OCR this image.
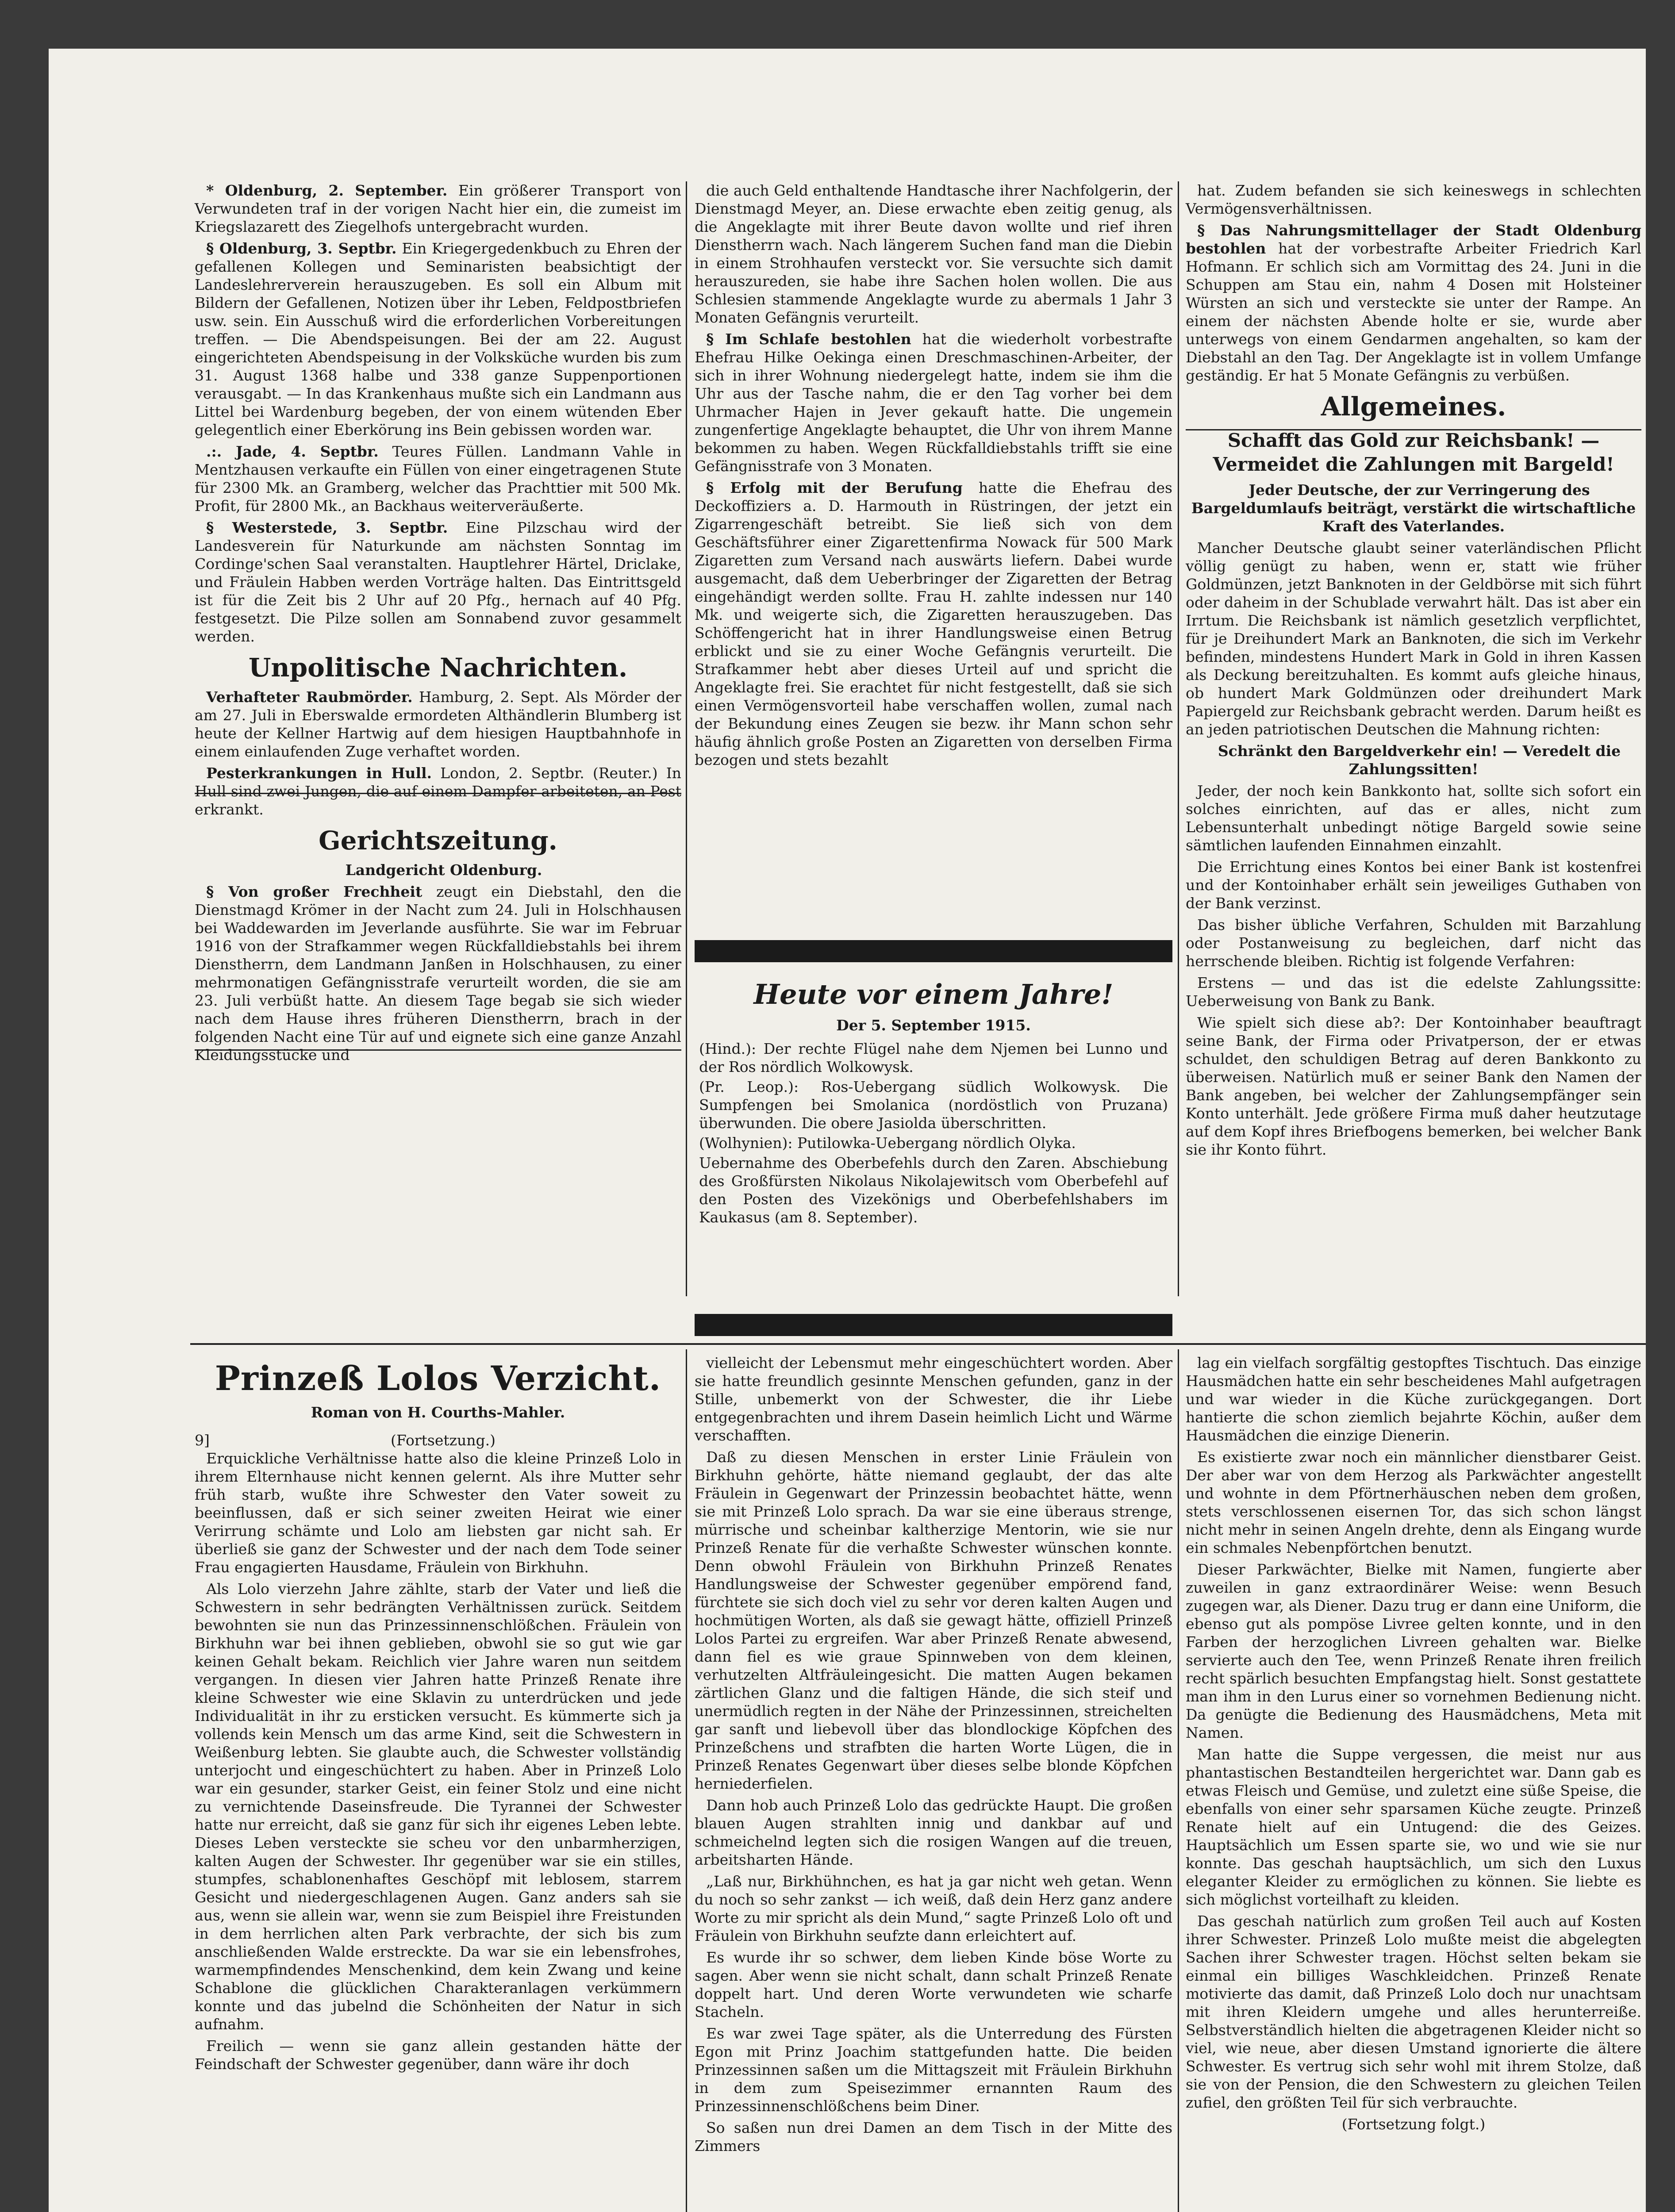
* Oldenburg, 2. September. Ein größerer Transport von Verwundeten traf in der vorigen Nacht hier ein, die zumeist im Kriegslazarett des Ziegelhofs untergebracht wurden.

§ Oldenburg, 3. Septbr. Ein Kriegergedenkbuch zu Ehren der gefallenen Kollegen und Seminaristen beabsichtigt der Landeslehrerverein herauszugeben. Es soll ein Album mit Bildern der Gefallenen, Notizen über ihr Leben, Feldpostbriefen usw. sein. Ein Ausschuß wird die erforderlichen Vorbereitungen treffen. — Die Abendspeisungen. Bei der am 22. August eingerichteten Abendspeisung in der Volksküche wurden bis zum 31. August 1368 halbe und 338 ganze Suppenportionen verausgabt. — In das Krankenhaus mußte sich ein Landmann aus Littel bei Wardenburg begeben, der von einem wütenden Eber gelegentlich einer Eberkörung ins Bein gebissen worden war.

.:. Jade, 4. Septbr. Teures Füllen. Landmann Vahle in Mentzhausen verkaufte ein Füllen von einer eingetragenen Stute für 2300 Mk. an Gramberg, welcher das Prachttier mit 500 Mk. Profit, für 2800 Mk., an Backhaus weiterveräußerte.

§ Westerstede, 3. Septbr. Eine Pilzschau wird der Landesverein für Naturkunde am nächsten Sonntag im Cordinge'schen Saal veranstalten. Hauptlehrer Härtel, Driclake, und Fräulein Habben werden Vorträge halten. Das Eintrittsgeld ist für die Zeit bis 2 Uhr auf 20 Pfg., hernach auf 40 Pfg. festgesetzt. Die Pilze sollen am Sonnabend zuvor gesammelt werden.

Unpolitische Nachrichten.

Verhafteter Raubmörder. Hamburg, 2. Sept. Als Mörder der am 27. Juli in Eberswalde ermordeten Althändlerin Blumberg ist heute der Kellner Hartwig auf dem hiesigen Hauptbahnhofe in einem einlaufenden Zuge verhaftet worden.

Pesterkrankungen in Hull. London, 2. Septbr. (Reuter.) In Hull sind zwei Jungen, die auf einem Dampfer arbeiteten, an Pest erkrankt.

Gerichtszeitung.

Landgericht Oldenburg.

§ Von großer Frechheit zeugt ein Diebstahl, den die Dienstmagd Krömer in der Nacht zum 24. Juli in Holschhausen bei Waddewarden im Jeverlande ausführte. Sie war im Februar 1916 von der Strafkammer wegen Rückfalldiebstahls bei ihrem Dienstherrn, dem Landmann Janßen in Holschhausen, zu einer mehrmonatigen Gefängnisstrafe verurteilt worden, die sie am 23. Juli verbüßt hatte. An diesem Tage begab sie sich wieder nach dem Hause ihres früheren Dienstherrn, brach in der folgenden Nacht eine Tür auf und eignete sich eine ganze Anzahl Kleidungsstücke und

die auch Geld enthaltende Handtasche ihrer Nachfolgerin, der Dienstmagd Meyer, an. Diese erwachte eben zeitig genug, als die Angeklagte mit ihrer Beute davon wollte und rief ihren Dienstherrn wach. Nach längerem Suchen fand man die Diebin in einem Strohhaufen versteckt vor. Sie versuchte sich damit herauszureden, sie habe ihre Sachen holen wollen. Die aus Schlesien stammende Angeklagte wurde zu abermals 1 Jahr 3 Monaten Gefängnis verurteilt.

§ Im Schlafe bestohlen hat die wiederholt vorbestrafte Ehefrau Hilke Oekinga einen Dreschmaschinen-Arbeiter, der sich in ihrer Wohnung niedergelegt hatte, indem sie ihm die Uhr aus der Tasche nahm, die er den Tag vorher bei dem Uhrmacher Hajen in Jever gekauft hatte. Die ungemein zungenfertige Angeklagte behauptet, die Uhr von ihrem Manne bekommen zu haben. Wegen Rückfalldiebstahls trifft sie eine Gefängnisstrafe von 3 Monaten.

§ Erfolg mit der Berufung hatte die Ehefrau des Deckoffiziers a. D. Harmouth in Rüstringen, der jetzt ein Zigarrengeschäft betreibt. Sie ließ sich von dem Geschäftsführer einer Zigarettenfirma Nowack für 500 Mark Zigaretten zum Versand nach auswärts liefern. Dabei wurde ausgemacht, daß dem Ueberbringer der Zigaretten der Betrag eingehändigt werden sollte. Frau H. zahlte indessen nur 140 Mk. und weigerte sich, die Zigaretten herauszugeben. Das Schöffengericht hat in ihrer Handlungsweise einen Betrug erblickt und sie zu einer Woche Gefängnis verurteilt. Die Strafkammer hebt aber dieses Urteil auf und spricht die Angeklagte frei. Sie erachtet für nicht festgestellt, daß sie sich einen Vermögensvorteil habe verschaffen wollen, zumal nach der Bekundung eines Zeugen sie bezw. ihr Mann schon sehr häufig ähnlich große Posten an Zigaretten von derselben Firma bezogen und stets bezahlt

Heute vor einem Jahre!
Der 5. September 1915.

(Hind.): Der rechte Flügel nahe dem Njemen bei Lunno und der Ros nördlich Wolkowysk.

(Pr. Leop.): Ros-Uebergang südlich Wolkowysk. Die Sumpfengen bei Smolanica (nordöstlich von Pruzana) überwunden. Die obere Jasiolda überschritten.

(Wolhynien): Putilowka-Uebergang nördlich Olyka.

Uebernahme des Oberbefehls durch den Zaren. Abschiebung des Großfürsten Nikolaus Nikolajewitsch vom Oberbefehl auf den Posten des Vizekönigs und Oberbefehlshabers im Kaukasus (am 8. September).

hat. Zudem befanden sie sich keineswegs in schlechten Vermögensverhältnissen.

§ Das Nahrungsmittellager der Stadt Oldenburg bestohlen hat der vorbestrafte Arbeiter Friedrich Karl Hofmann. Er schlich sich am Vormittag des 24. Juni in die Schuppen am Stau ein, nahm 4 Dosen mit Holsteiner Würsten an sich und versteckte sie unter der Rampe. An einem der nächsten Abende holte er sie, wurde aber unterwegs von einem Gendarmen angehalten, so kam der Diebstahl an den Tag. Der Angeklagte ist in vollem Umfange geständig. Er hat 5 Monate Gefängnis zu verbüßen.

Allgemeines.
Schafft das Gold zur Reichsbank! — Vermeidet die Zahlungen mit Bargeld!

Jeder Deutsche, der zur Verringerung des Bargeldumlaufs beiträgt, verstärkt die wirtschaftliche Kraft des Vaterlandes.

Mancher Deutsche glaubt seiner vaterländischen Pflicht völlig genügt zu haben, wenn er, statt wie früher Goldmünzen, jetzt Banknoten in der Geldbörse mit sich führt oder daheim in der Schublade verwahrt hält. Das ist aber ein Irrtum. Die Reichsbank ist nämlich gesetzlich verpflichtet, für je Dreihundert Mark an Banknoten, die sich im Verkehr befinden, mindestens Hundert Mark in Gold in ihren Kassen als Deckung bereitzuhalten. Es kommt aufs gleiche hinaus, ob hundert Mark Goldmünzen oder dreihundert Mark Papiergeld zur Reichsbank gebracht werden. Darum heißt es an jeden patriotischen Deutschen die Mahnung richten:

Schränkt den Bargeldverkehr ein! — Veredelt die Zahlungssitten!

Jeder, der noch kein Bankkonto hat, sollte sich sofort ein solches einrichten, auf das er alles, nicht zum Lebensunterhalt unbedingt nötige Bargeld sowie seine sämtlichen laufenden Einnahmen einzahlt.

Die Errichtung eines Kontos bei einer Bank ist kostenfrei und der Kontoinhaber erhält sein jeweiliges Guthaben von der Bank verzinst.

Das bisher übliche Verfahren, Schulden mit Barzahlung oder Postanweisung zu begleichen, darf nicht das herrschende bleiben. Richtig ist folgende Verfahren:

Erstens — und das ist die edelste Zahlungssitte: Ueberweisung von Bank zu Bank.

Wie spielt sich diese ab?: Der Kontoinhaber beauftragt seine Bank, der Firma oder Privatperson, der er etwas schuldet, den schuldigen Betrag auf deren Bankkonto zu überweisen. Natürlich muß er seiner Bank den Namen der Bank angeben, bei welcher der Zahlungsempfänger sein Konto unterhält. Jede größere Firma muß daher heutzutage auf dem Kopf ihres Briefbogens bemerken, bei welcher Bank sie ihr Konto führt.

Prinzeß Lolos Verzicht.
Roman von H. Courths-Mahler.
9]	(Fortsetzung.)

Erquickliche Verhältnisse hatte also die kleine Prinzeß Lolo in ihrem Elternhause nicht kennen gelernt. Als ihre Mutter sehr früh starb, wußte ihre Schwester den Vater soweit zu beeinflussen, daß er sich seiner zweiten Heirat wie einer Verirrung schämte und Lolo am liebsten gar nicht sah. Er überließ sie ganz der Schwester und der nach dem Tode seiner Frau engagierten Hausdame, Fräulein von Birkhuhn.

Als Lolo vierzehn Jahre zählte, starb der Vater und ließ die Schwestern in sehr bedrängten Verhältnissen zurück. Seitdem bewohnten sie nun das Prinzessinnenschlößchen. Fräulein von Birkhuhn war bei ihnen geblieben, obwohl sie so gut wie gar keinen Gehalt bekam. Reichlich vier Jahre waren nun seitdem vergangen. In diesen vier Jahren hatte Prinzeß Renate ihre kleine Schwester wie eine Sklavin zu unterdrücken und jede Individualität in ihr zu ersticken versucht. Es kümmerte sich ja vollends kein Mensch um das arme Kind, seit die Schwestern in Weißenburg lebten. Sie glaubte auch, die Schwester vollständig unterjocht und eingeschüchtert zu haben. Aber in Prinzeß Lolo war ein gesunder, starker Geist, ein feiner Stolz und eine nicht zu vernichtende Daseinsfreude. Die Tyrannei der Schwester hatte nur erreicht, daß sie ganz für sich ihr eigenes Leben lebte. Dieses Leben versteckte sie scheu vor den unbarmherzigen, kalten Augen der Schwester. Ihr gegenüber war sie ein stilles, stumpfes, schablonenhaftes Geschöpf mit leblosem, starrem Gesicht und niedergeschlagenen Augen. Ganz anders sah sie aus, wenn sie allein war, wenn sie zum Beispiel ihre Freistunden in dem herrlichen alten Park verbrachte, der sich bis zum anschließenden Walde erstreckte. Da war sie ein lebensfrohes, warmempfindendes Menschenkind, dem kein Zwang und keine Schablone die glücklichen Charakteranlagen verkümmern konnte und das jubelnd die Schönheiten der Natur in sich aufnahm.

Freilich — wenn sie ganz allein gestanden hätte der Feindschaft der Schwester gegenüber, dann wäre ihr doch

vielleicht der Lebensmut mehr eingeschüchtert worden. Aber sie hatte freundlich gesinnte Menschen gefunden, ganz in der Stille, unbemerkt von der Schwester, die ihr Liebe entgegenbrachten und ihrem Dasein heimlich Licht und Wärme verschafften.

Daß zu diesen Menschen in erster Linie Fräulein von Birkhuhn gehörte, hätte niemand geglaubt, der das alte Fräulein in Gegenwart der Prinzessin beobachtet hätte, wenn sie mit Prinzeß Lolo sprach. Da war sie eine überaus strenge, mürrische und scheinbar kaltherzige Mentorin, wie sie nur Prinzeß Renate für die verhaßte Schwester wünschen konnte. Denn obwohl Fräulein von Birkhuhn Prinzeß Renates Handlungsweise der Schwester gegenüber empörend fand, fürchtete sie sich doch viel zu sehr vor deren kalten Augen und hochmütigen Worten, als daß sie gewagt hätte, offiziell Prinzeß Lolos Partei zu ergreifen. War aber Prinzeß Renate abwesend, dann fiel es wie graue Spinnweben von dem kleinen, verhutzelten Altfräuleingesicht. Die matten Augen bekamen zärtlichen Glanz und die faltigen Hände, die sich steif und unermüdlich regten in der Nähe der Prinzessinnen, streichelten gar sanft und liebevoll über das blondlockige Köpfchen des Prinzeßchens und strafbten die harten Worte Lügen, die in Prinzeß Renates Gegenwart über dieses selbe blonde Köpfchen herniederfielen.

Dann hob auch Prinzeß Lolo das gedrückte Haupt. Die großen blauen Augen strahlten innig und dankbar auf und schmeichelnd legten sich die rosigen Wangen auf die treuen, arbeitsharten Hände.

„Laß nur, Birkhühnchen, es hat ja gar nicht weh getan. Wenn du noch so sehr zankst — ich weiß, daß dein Herz ganz andere Worte zu mir spricht als dein Mund,“ sagte Prinzeß Lolo oft und Fräulein von Birkhuhn seufzte dann erleichtert auf.

Es wurde ihr so schwer, dem lieben Kinde böse Worte zu sagen. Aber wenn sie nicht schalt, dann schalt Prinzeß Renate doppelt hart. Und deren Worte verwundeten wie scharfe Stacheln.

Es war zwei Tage später, als die Unterredung des Fürsten Egon mit Prinz Joachim stattgefunden hatte. Die beiden Prinzessinnen saßen um die Mittagszeit mit Fräulein Birkhuhn in dem zum Speisezimmer ernannten Raum des Prinzessinnenschlößchens beim Diner.

So saßen nun drei Damen an dem Tisch in der Mitte des Zimmers

lag ein vielfach sorgfältig gestopftes Tischtuch. Das einzige Hausmädchen hatte ein sehr bescheidenes Mahl aufgetragen und war wieder in die Küche zurückgegangen. Dort hantierte die schon ziemlich bejahrte Köchin, außer dem Hausmädchen die einzige Dienerin.

Es existierte zwar noch ein männlicher dienstbarer Geist. Der aber war von dem Herzog als Parkwächter angestellt und wohnte in dem Pförtnerhäuschen neben dem großen, stets verschlossenen eisernen Tor, das sich schon längst nicht mehr in seinen Angeln drehte, denn als Eingang wurde ein schmales Nebenpförtchen benutzt.

Dieser Parkwächter, Bielke mit Namen, fungierte aber zuweilen in ganz extraordinärer Weise: wenn Besuch zugegen war, als Diener. Dazu trug er dann eine Uniform, die ebenso gut als pompöse Livree gelten konnte, und in den Farben der herzoglichen Livreen gehalten war. Bielke servierte auch den Tee, wenn Prinzeß Renate ihren freilich recht spärlich besuchten Empfangstag hielt. Sonst gestattete man ihm in den Lurus einer so vornehmen Bedienung nicht. Da genügte die Bedienung des Hausmädchens, Meta mit Namen.

Man hatte die Suppe vergessen, die meist nur aus phantastischen Bestandteilen hergerichtet war. Dann gab es etwas Fleisch und Gemüse, und zuletzt eine süße Speise, die ebenfalls von einer sehr sparsamen Küche zeugte. Prinzeß Renate hielt auf ein Untugend: die des Geizes. Hauptsächlich um Essen sparte sie, wo und wie sie nur konnte. Das geschah hauptsächlich, um sich den Luxus eleganter Kleider zu ermöglichen zu können. Sie liebte es sich möglichst vorteilhaft zu kleiden.

Das geschah natürlich zum großen Teil auch auf Kosten ihrer Schwester. Prinzeß Lolo mußte meist die abgelegten Sachen ihrer Schwester tragen. Höchst selten bekam sie einmal ein billiges Waschkleidchen. Prinzeß Renate motivierte das damit, daß Prinzeß Lolo doch nur unachtsam mit ihren Kleidern umgehe und alles herunterreiße. Selbstverständlich hielten die abgetragenen Kleider nicht so viel, wie neue, aber diesen Umstand ignorierte die ältere Schwester. Es vertrug sich sehr wohl mit ihrem Stolze, daß sie von der Pension, die den Schwestern zu gleichen Teilen zufiel, den größten Teil für sich verbrauchte.

(Fortsetzung folgt.)
